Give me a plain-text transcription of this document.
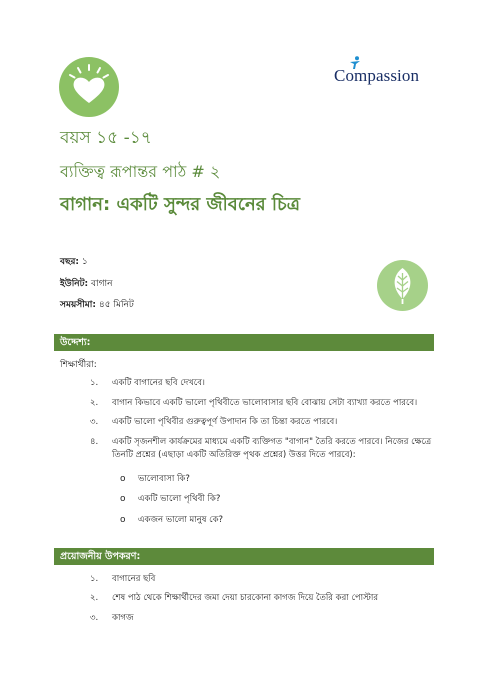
Compassion
বয়স ১৫ -১৭
ব্যক্তিত্ব রূপান্তর পাঠ # ২
বাগান: একটি সুন্দর জীবনের চিত্র
বছর: ১
ইউনিট: বাগান
সময়সীমা: ৪৫ মিনিট
উদ্দেশ্য:
শিক্ষার্থীরা:
১. একটি বাগানের ছবি দেখবে।
২. বাগান কিভাবে একটি ভালো পৃথিবীতে ভালোবাসার ছবি বোঝায় সেটা ব্যাখ্যা করতে পারবে।
৩. একটি ভালো পৃথিবীর গুরুত্বপূর্ণ উপাদান কি তা চিন্তা করতে পারবে।
৪. একটি সৃজনশীল কার্যক্রমের মাধ্যমে একটি ব্যক্তিগত "বাগান" তৈরি করতে পারবে। নিজের ক্ষেত্রে তিনটি প্রশ্নের (এছাড়া একটি অতিরিক্ত পৃথক প্রশ্নের) উত্তর দিতে পারবে):
o ভালোবাসা কি?
o একটি ভালো পৃথিবী কি?
o একজন ভালো মানুষ কে?
প্রয়োজনীয় উপকরণ:
১. বাগানের ছবি
২. শেষ পাঠ থেকে শিক্ষার্থীদের জমা দেয়া চারকোনা কাগজ দিয়ে তৈরি করা পোস্টার
৩. কাগজ
